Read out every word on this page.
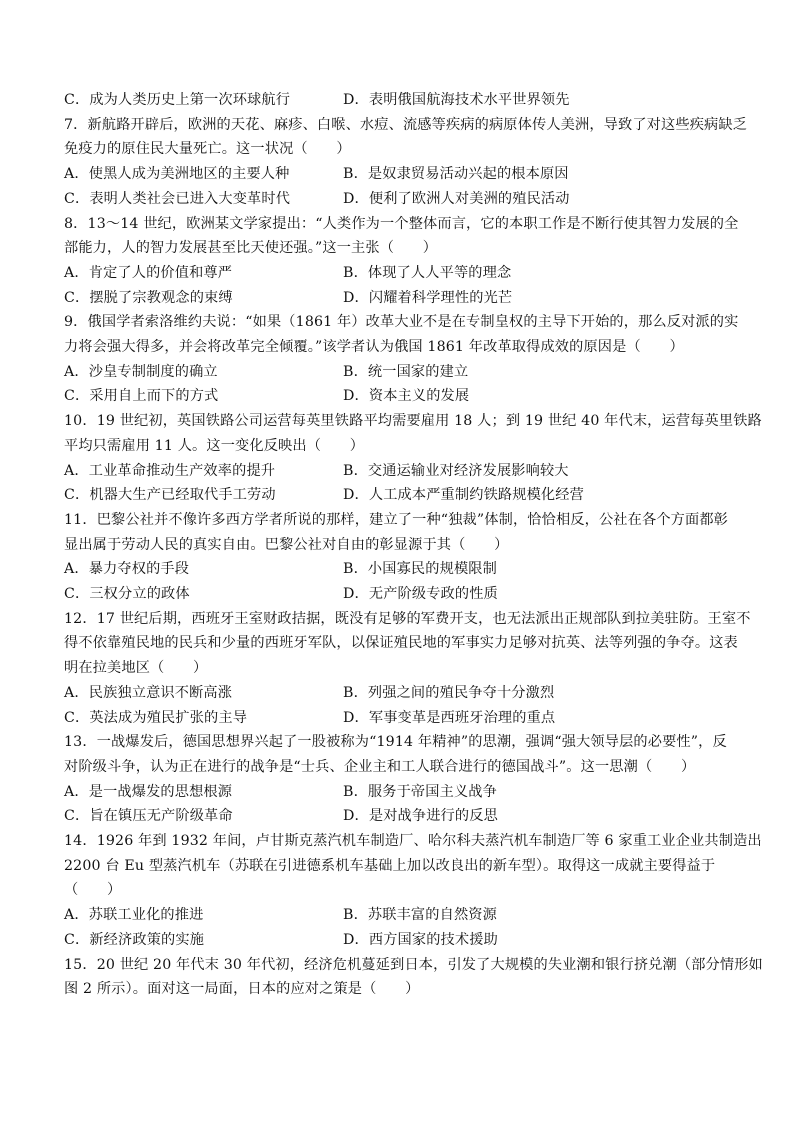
C．成为人类历史上第一次环球航行	D．表明俄国航海技术水平世界领先
7．新航路开辟后，欧洲的天花、麻疹、白喉、水痘、流感等疾病的病原体传人美洲，导致了对这些疾病缺乏
免疫力的原住民大量死亡。这一状况（　　）
A．使黑人成为美洲地区的主要人种	B．是奴隶贸易活动兴起的根本原因
C．表明人类社会已进入大变革时代	D．便利了欧洲人对美洲的殖民活动
8．13～14 世纪，欧洲某文学家提出：“人类作为一个整体而言，它的本职工作是不断行使其智力发展的全
部能力，人的智力发展甚至比天使还强。”这一主张（　　）
A．肯定了人的价值和尊严	B．体现了人人平等的理念
C．摆脱了宗教观念的束缚	D．闪耀着科学理性的光芒
9．俄国学者索洛维约夫说：“如果（1861 年）改革大业不是在专制皇权的主导下开始的，那么反对派的实
力将会强大得多，并会将改革完全倾覆。”该学者认为俄国 1861 年改革取得成效的原因是（　　）
A．沙皇专制制度的确立	B．统一国家的建立
C．采用自上而下的方式	D．资本主义的发展
10．19 世纪初，英国铁路公司运营每英里铁路平均需要雇用 18 人；到 19 世纪 40 年代末，运营每英里铁路
平均只需雇用 11 人。这一变化反映出（　　）
A．工业革命推动生产效率的提升	B．交通运输业对经济发展影响较大
C．机器大生产已经取代手工劳动	D．人工成本严重制约铁路规模化经营
11．巴黎公社并不像许多西方学者所说的那样，建立了一种“独裁”体制，恰恰相反，公社在各个方面都彰
显出属于劳动人民的真实自由。巴黎公社对自由的彰显源于其（　　）
A．暴力夺权的手段	B．小国寡民的规模限制
C．三权分立的政体	D．无产阶级专政的性质
12．17 世纪后期，西班牙王室财政拮据，既没有足够的军费开支，也无法派出正规部队到拉美驻防。王室不
得不依靠殖民地的民兵和少量的西班牙军队，以保证殖民地的军事实力足够对抗英、法等列强的争夺。这表
明在拉美地区（　　）
A．民族独立意识不断高涨	B．列强之间的殖民争夺十分激烈
C．英法成为殖民扩张的主导	D．军事变革是西班牙治理的重点
13．一战爆发后，德国思想界兴起了一股被称为“1914 年精神”的思潮，强调“强大领导层的必要性”，反
对阶级斗争，认为正在进行的战争是“士兵、企业主和工人联合进行的德国战斗”。这一思潮（　　）
A．是一战爆发的思想根源	B．服务于帝国主义战争
C．旨在镇压无产阶级革命	D．是对战争进行的反思
14．1926 年到 1932 年间，卢甘斯克蒸汽机车制造厂、哈尔科夫蒸汽机车制造厂等 6 家重工业企业共制造出
2200 台 Eu 型蒸汽机车（苏联在引进德系机车基础上加以改良出的新车型）。取得这一成就主要得益于
（　　）
A．苏联工业化的推进	B．苏联丰富的自然资源
C．新经济政策的实施	D．西方国家的技术援助
15．20 世纪 20 年代末 30 年代初，经济危机蔓延到日本，引发了大规模的失业潮和银行挤兑潮（部分情形如
图 2 所示）。面对这一局面，日本的应对之策是（　　）
